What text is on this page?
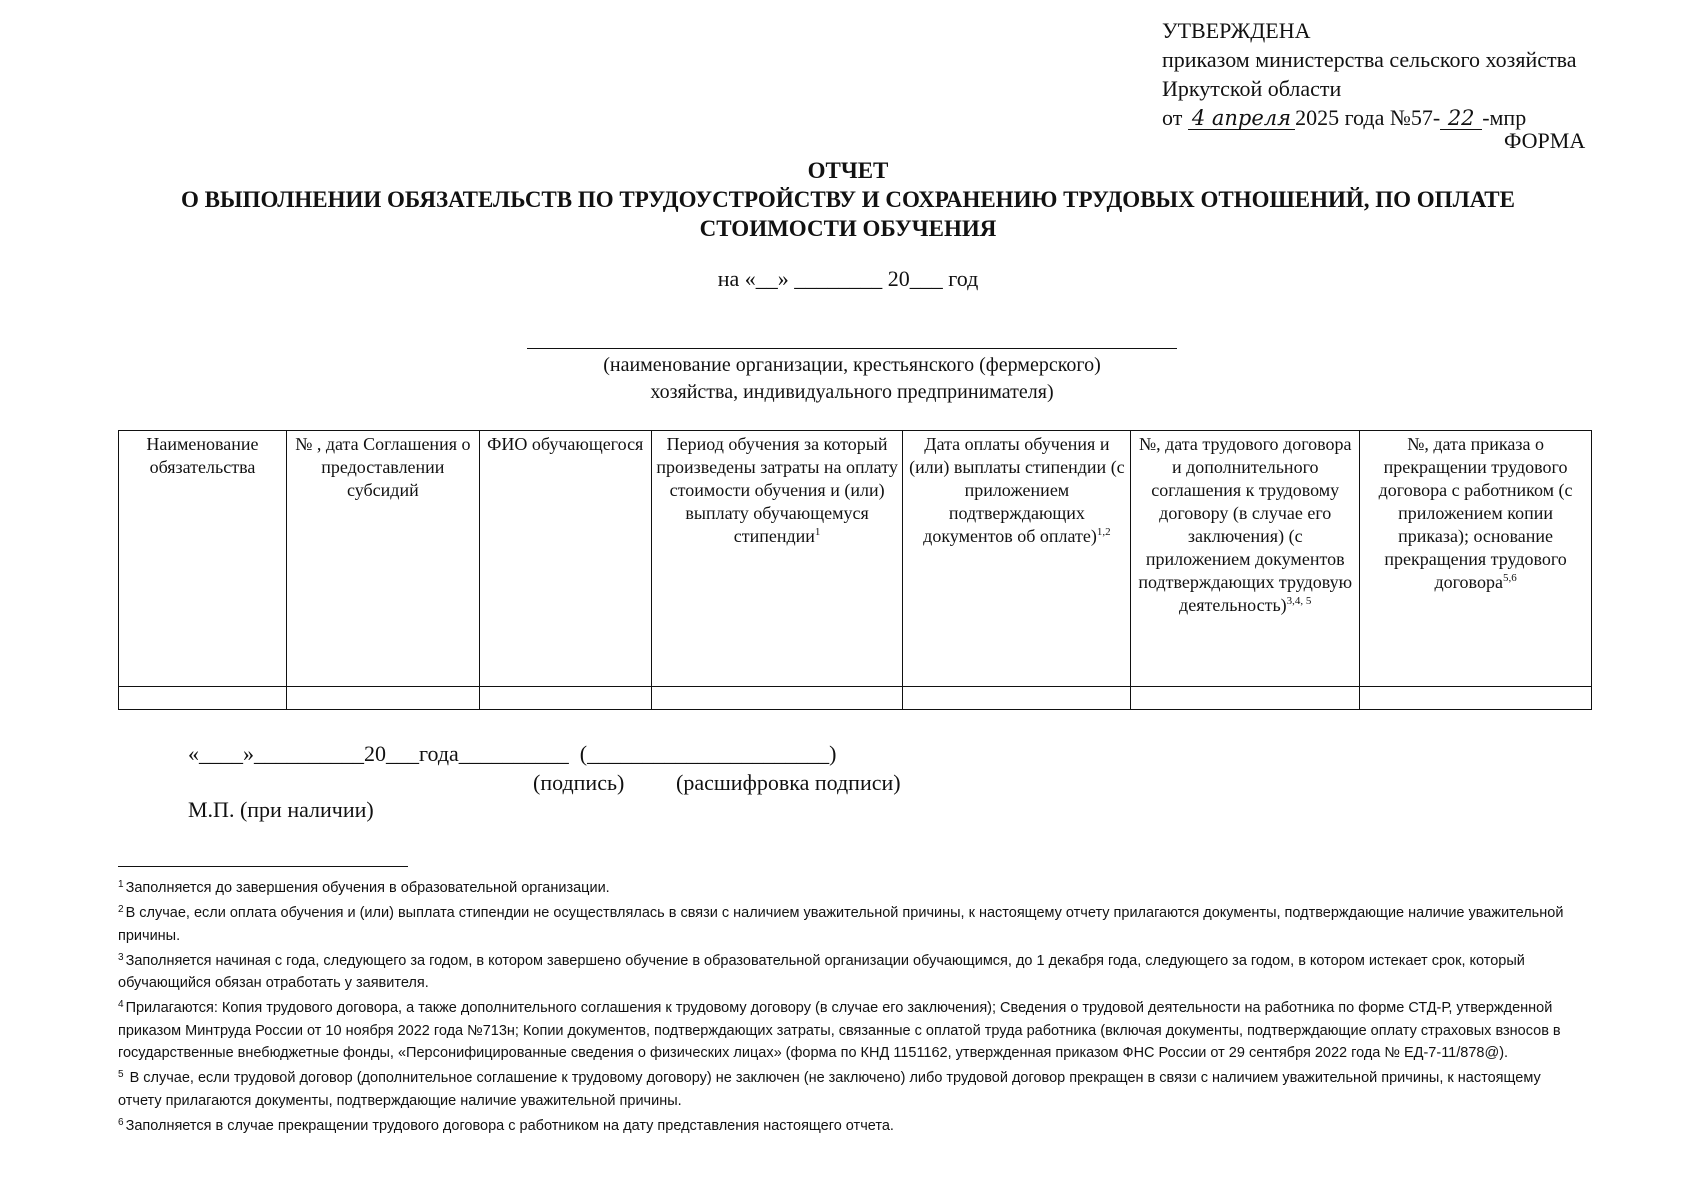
УТВЕРЖДЕНА
приказом министерства сельского хозяйства
Иркутской области
от 4 апреля 2025 года №57- 22 -мпр
ФОРМА
ОТЧЕТ
О ВЫПОЛНЕНИИ ОБЯЗАТЕЛЬСТВ ПО ТРУДОУСТРОЙСТВУ И СОХРАНЕНИЮ ТРУДОВЫХ ОТНОШЕНИЙ, ПО ОПЛАТЕ
СТОИМОСТИ ОБУЧЕНИЯ
на «__» ________ 20___ год
(наименование организации, крестьянского (фермерского)
хозяйства, индивидуального предпринимателя)
Наименование обязательства	№ , дата Соглашения о предоставлении субсидий	ФИО обучающегося	Период обучения за который произведены затраты на оплату стоимости обучения и (или) выплату обучающемуся стипендии$^1$	Дата оплаты обучения и (или) выплаты стипендии (с приложением подтверждающих документов об оплате)$^{1,2}$	№, дата трудового договора и дополнительного соглашения к трудовому договору (в случае его заключения) (с приложением документов подтверждающих трудовую деятельность)$^{3,4, 5}$	№, дата приказа о прекращении трудового договора с работником (с приложением копии приказа); основание прекращения трудового договора$^{5,6}$

«____»__________20___года__________  (______________________)
(подпись) (расшифровка подписи)
М.П. (при наличии)
$^1$ Заполняется до завершения обучения в образовательной организации.
$^2$ В случае, если оплата обучения и (или) выплата стипендии не осуществлялась в связи с наличием уважительной причины, к настоящему отчету прилагаются документы, подтверждающие наличие уважительной причины.
$^3$ Заполняется начиная с года, следующего за годом, в котором завершено обучение в образовательной организации обучающимся, до 1 декабря года, следующего за годом, в котором истекает срок, который обучающийся обязан отработать у заявителя.
$^4$ Прилагаются: Копия трудового договора, а также дополнительного соглашения к трудовому договору (в случае его заключения); Сведения о трудовой деятельности на работника по форме СТД-Р, утвержденной приказом Минтруда России от 10 ноября 2022 года №713н; Копии документов, подтверждающих затраты, связанные с оплатой труда работника (включая документы, подтверждающие оплату страховых взносов в государственные внебюджетные фонды, «Персонифицированные сведения о физических лицах» (форма по КНД 1151162, утвержденная приказом ФНС России от 29 сентября 2022 года № ЕД-7-11/878@).
$^5$ В случае, если трудовой договор (дополнительное соглашение к трудовому договору) не заключен (не заключено) либо трудовой договор прекращен в связи с наличием уважительной причины, к настоящему отчету прилагаются документы, подтверждающие наличие уважительной причины.
$^6$ Заполняется в случае прекращении трудового договора с работником на дату представления настоящего отчета.
